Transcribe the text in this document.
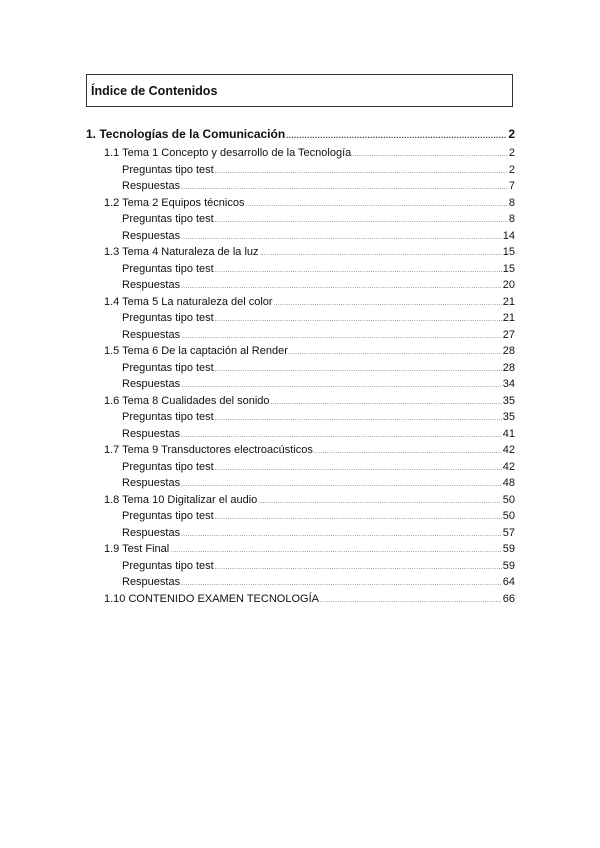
Índice de Contenidos
1. Tecnologías de la Comunicación .....	2
1.1 Tema 1 Concepto y desarrollo de la Tecnología .....	2
Preguntas tipo test .....	2
Respuestas .....	7
1.2 Tema 2 Equipos técnicos .....	8
Preguntas tipo test .....	8
Respuestas .....	14
1.3 Tema 4 Naturaleza de la luz .....	15
Preguntas tipo test .....	15
Respuestas .....	20
1.4 Tema 5 La naturaleza del color .....	21
Preguntas tipo test .....	21
Respuestas .....	27
1.5 Tema 6 De la captación al Render .....	28
Preguntas tipo test .....	28
Respuestas .....	34
1.6 Tema 8 Cualidades del sonido .....	35
Preguntas tipo test .....	35
Respuestas .....	41
1.7 Tema 9 Transductores electroacústicos .....	42
Preguntas tipo test .....	42
Respuestas .....	48
1.8 Tema 10 Digitalizar el audio .....	50
Preguntas tipo test .....	50
Respuestas .....	57
1.9 Test Final .....	59
Preguntas tipo test .....	59
Respuestas .....	64
1.10 CONTENIDO EXAMEN TECNOLOGÍA .....	66
